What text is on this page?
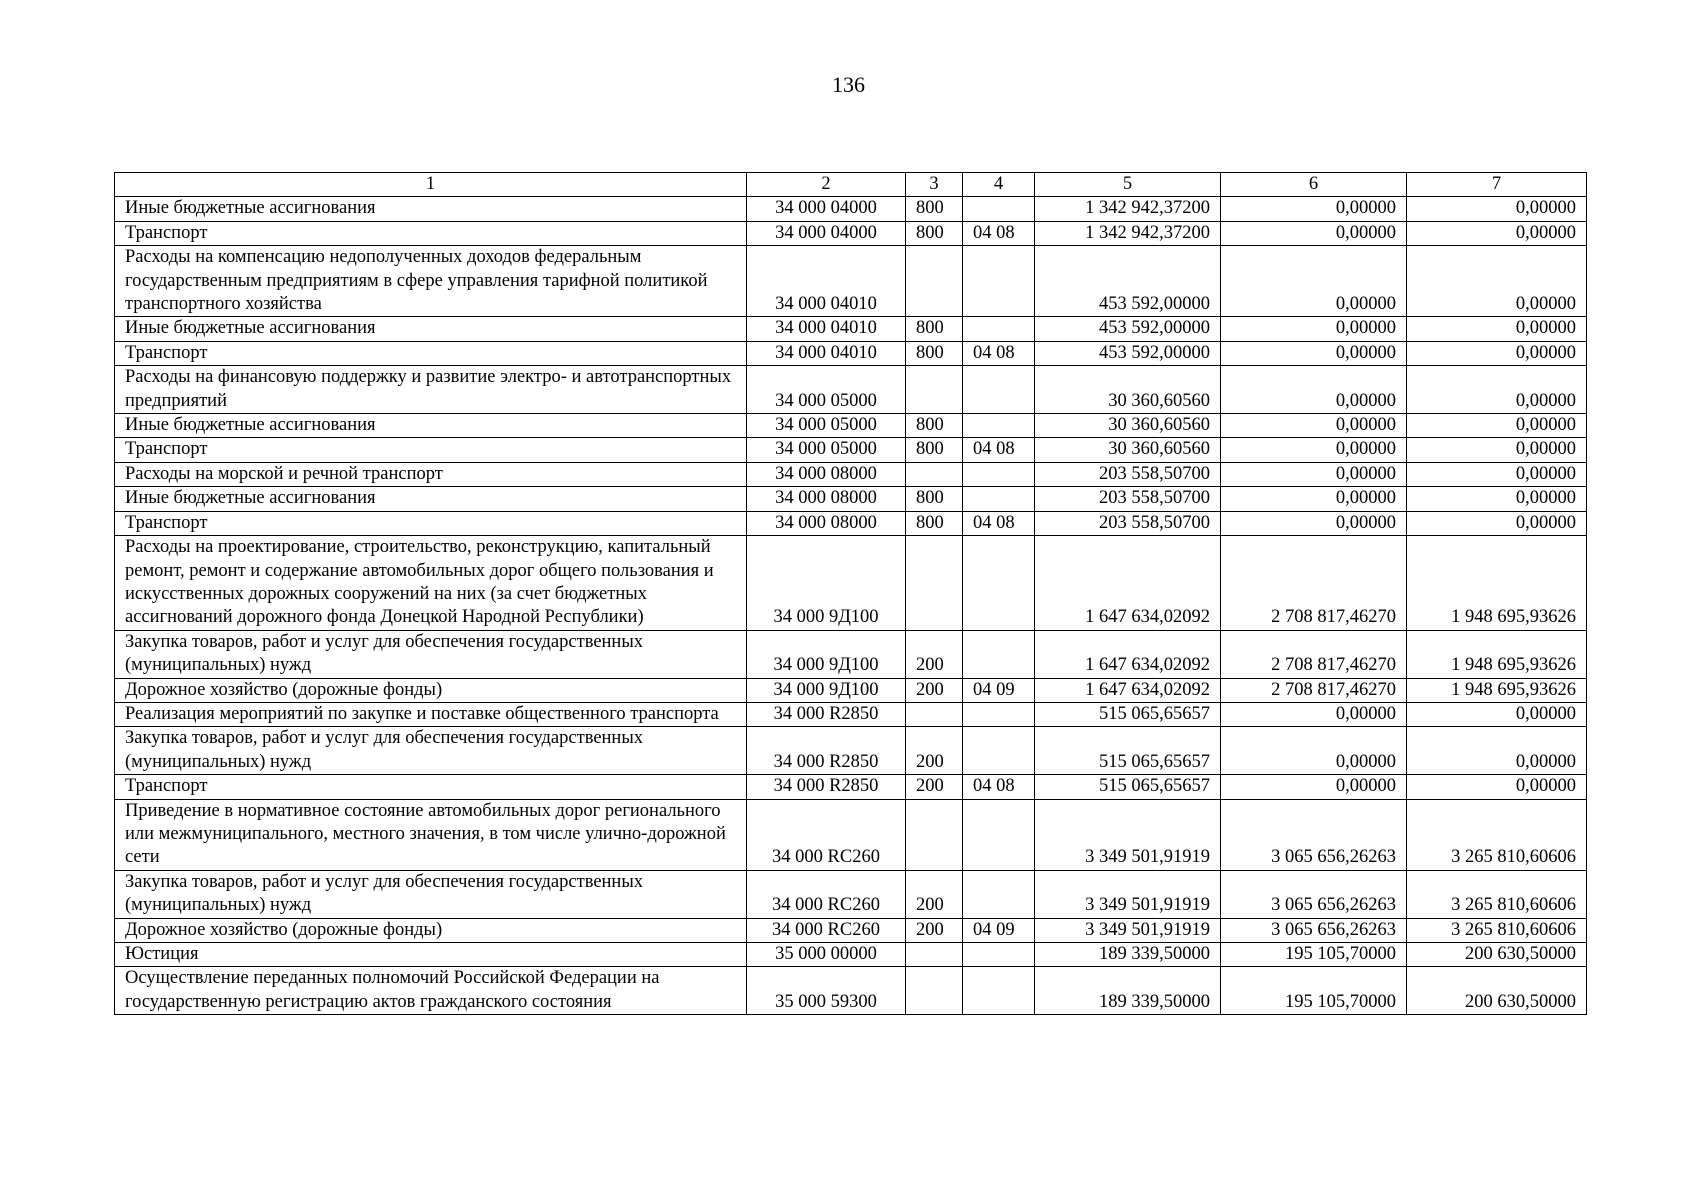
136
1	2	3	4	5	6	7
Иные бюджетные ассигнования	34 000 04000	800		1 342 942,37200	0,00000	0,00000
Транспорт	34 000 04000	800	04 08	1 342 942,37200	0,00000	0,00000
Расходы на компенсацию недополученных доходов федеральным государственным предприятиям в сфере управления тарифной политикой транспортного хозяйства	34 000 04010			453 592,00000	0,00000	0,00000
Иные бюджетные ассигнования	34 000 04010	800		453 592,00000	0,00000	0,00000
Транспорт	34 000 04010	800	04 08	453 592,00000	0,00000	0,00000
Расходы на финансовую поддержку и развитие электро- и автотранспортных предприятий	34 000 05000			30 360,60560	0,00000	0,00000
Иные бюджетные ассигнования	34 000 05000	800		30 360,60560	0,00000	0,00000
Транспорт	34 000 05000	800	04 08	30 360,60560	0,00000	0,00000
Расходы на морской и речной транспорт	34 000 08000			203 558,50700	0,00000	0,00000
Иные бюджетные ассигнования	34 000 08000	800		203 558,50700	0,00000	0,00000
Транспорт	34 000 08000	800	04 08	203 558,50700	0,00000	0,00000
Расходы на проектирование, строительство, реконструкцию, капитальный ремонт, ремонт и содержание автомобильных дорог общего пользования и искусственных дорожных сооружений на них (за счет бюджетных ассигнований дорожного фонда Донецкой Народной Республики)	34 000 9Д100			1 647 634,02092	2 708 817,46270	1 948 695,93626
Закупка товаров, работ и услуг для обеспечения государственных (муниципальных) нужд	34 000 9Д100	200		1 647 634,02092	2 708 817,46270	1 948 695,93626
Дорожное хозяйство (дорожные фонды)	34 000 9Д100	200	04 09	1 647 634,02092	2 708 817,46270	1 948 695,93626
Реализация мероприятий по закупке и поставке общественного транспорта	34 000 R2850			515 065,65657	0,00000	0,00000
Закупка товаров, работ и услуг для обеспечения государственных (муниципальных) нужд	34 000 R2850	200		515 065,65657	0,00000	0,00000
Транспорт	34 000 R2850	200	04 08	515 065,65657	0,00000	0,00000
Приведение в нормативное состояние автомобильных дорог регионального или межмуниципального, местного значения, в том числе улично-дорожной сети	34 000 RC260			3 349 501,91919	3 065 656,26263	3 265 810,60606
Закупка товаров, работ и услуг для обеспечения государственных (муниципальных) нужд	34 000 RC260	200		3 349 501,91919	3 065 656,26263	3 265 810,60606
Дорожное хозяйство (дорожные фонды)	34 000 RC260	200	04 09	3 349 501,91919	3 065 656,26263	3 265 810,60606
Юстиция	35 000 00000			189 339,50000	195 105,70000	200 630,50000
Осуществление переданных полномочий Российской Федерации на государственную регистрацию актов гражданского состояния	35 000 59300			189 339,50000	195 105,70000	200 630,50000
